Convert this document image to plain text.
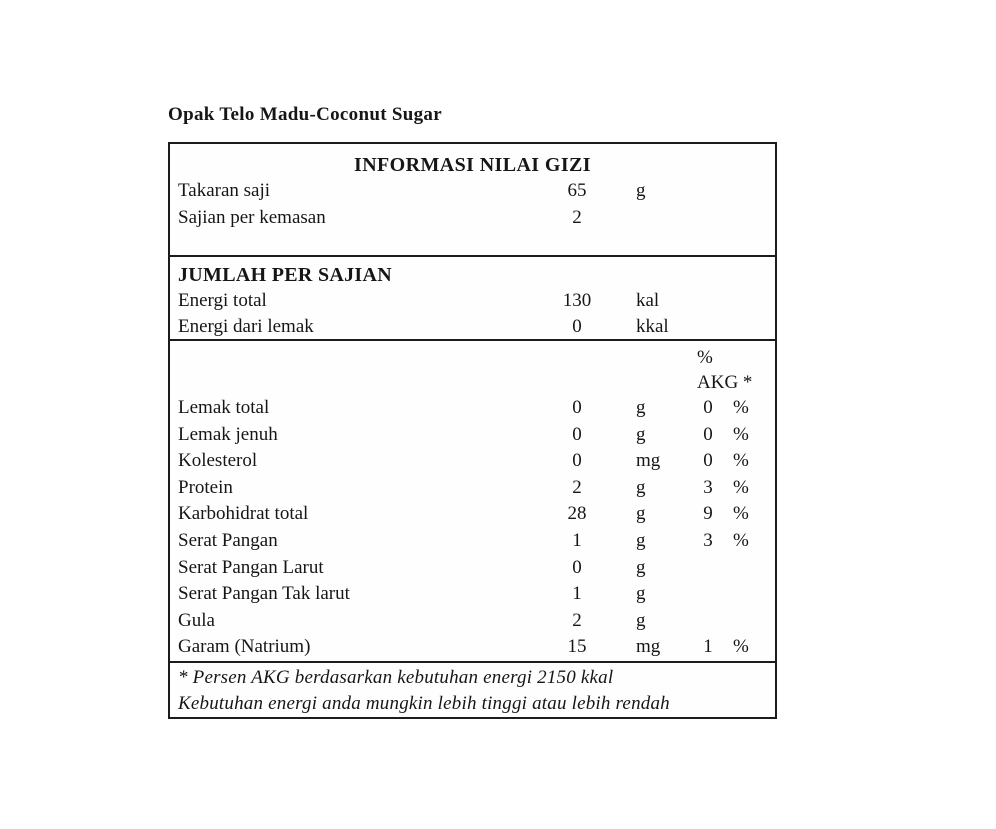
Opak Telo Madu-Coconut Sugar
INFORMASI NILAI GIZI
Takaran saji	65	g
Sajian per kemasan	2
JUMLAH PER SAJIAN
Energi total	130	kal
Energi dari lemak	0	kkal
%
AKG *
Lemak total	0	g	0	%
Lemak jenuh	0	g	0	%
Kolesterol	0	mg	0	%
Protein	2	g	3	%
Karbohidrat total	28	g	9	%
Serat Pangan	1	g	3	%
Serat Pangan Larut	0	g
Serat Pangan Tak larut	1	g
Gula	2	g
Garam (Natrium)	15	mg	1	%
* Persen AKG berdasarkan kebutuhan energi 2150 kkal
Kebutuhan energi anda mungkin lebih tinggi atau lebih rendah
